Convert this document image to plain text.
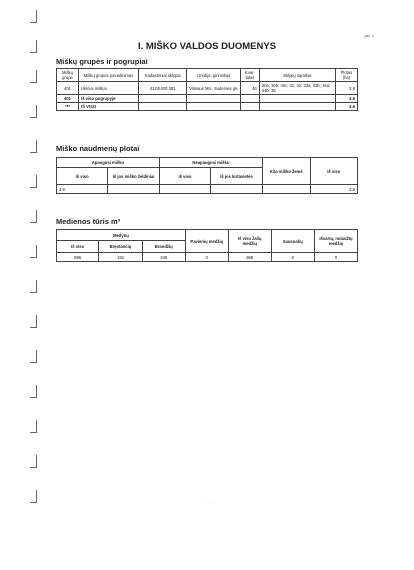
psl. 1
I. MIŠKO VALDOS DUOMENYS
Miškų grupės ir pogrupiai
Miškų grupė	Miškų grupės pavadinimas	Kadastriniai sklypai	Urėdija, girininkija	Kvar-talas	Sklypų sąrašas	Plotas (ha)
401	Ūkiniai miškai	4124/400:381	Vilniaus MU, Sudervės gir.	46	30a; 30b; 30c; 31; 32; 33a; 33b; 34a; 34b; 35	3.9
401	Iš viso pogrupyje					3.9
***	IŠ VISO					3.9
Miško naudmenų plotai
Apaugusi mišku		Neapaugusi mišku		Kita miško žemė	Iš viso
Iš viso	Iš jos miško želdiniai	Iš viso	Iš jos kirtavietės		
3.9					3.9
Medienos tūris m³
Medynų			Pavienių medžių	Iš viso žalių medžių	Sausuolių	Išvartų, nulaužtų medžių
Iš viso	Bręstančių	Brandžių				
986	192	348	0	986	0	0
·············
